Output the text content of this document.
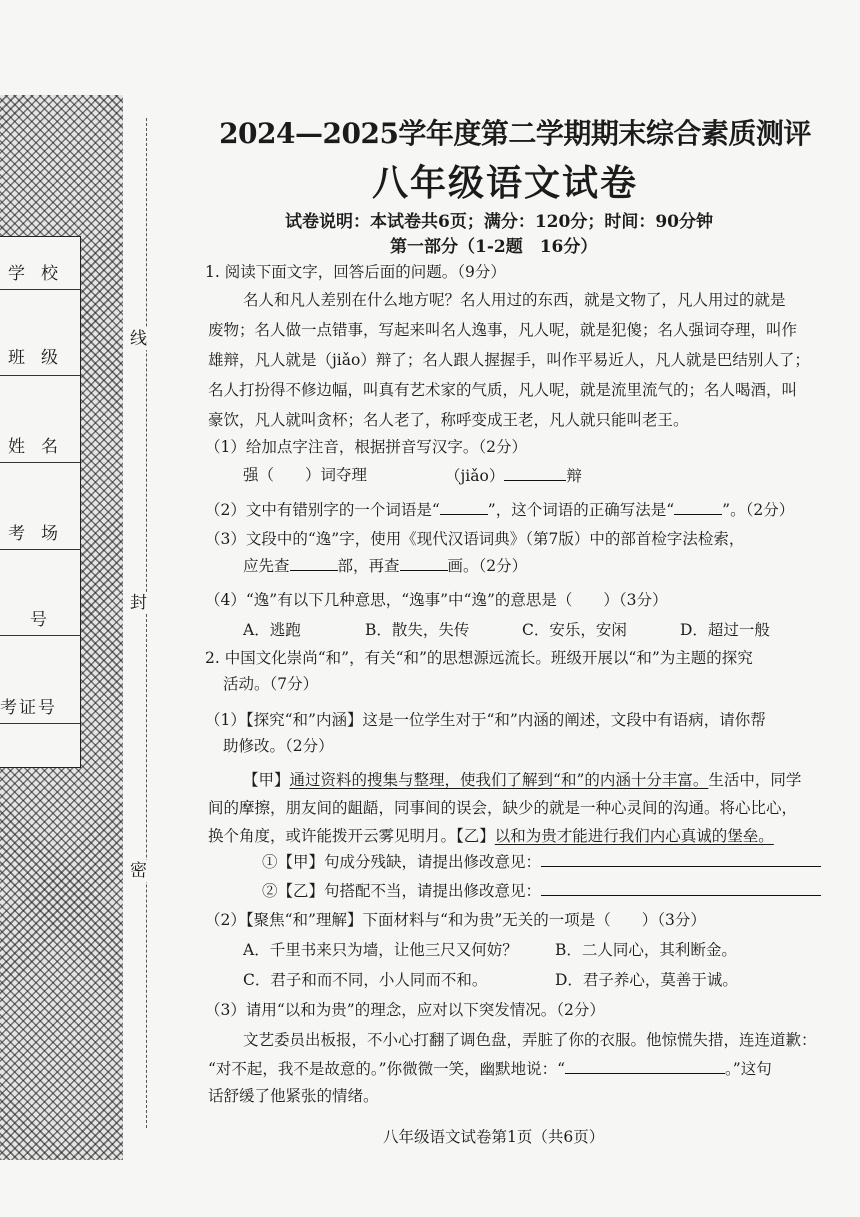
学校
班级
姓名
考场
号
考证号
线
封
密
2024—2025学年度第二学期期末综合素质测评
八年级语文试卷
试卷说明：本试卷共6页；满分：120分；时间：90分钟
第一部分（1-2题　16分）
1. 阅读下面文字，回答后面的问题。（9分）
名人和凡人差别在什么地方呢？名人用过的东西，就是文物了，凡人用过的就是
废物；名人做一点错事，写起来叫名人逸事，凡人呢，就是犯傻；名人强词夺理，叫作
雄辩，凡人就是（jiǎo）辩了；名人跟人握握手，叫作平易近人，凡人就是巴结别人了；
名人打扮得不修边幅，叫真有艺术家的气质，凡人呢，就是流里流气的；名人喝酒，叫
豪饮，凡人就叫贪杯；名人老了，称呼变成王老，凡人就只能叫老王。
（1）给加点字注音，根据拼音写汉字。（2分）
强（　　）词夺理	（jiǎo）	辩
（2）文中有错别字的一个词语是“	”，这个词语的正确写法是“	”。（2分）
（3）文段中的“逸”字，使用《现代汉语词典》（第7版）中的部首检字法检索，
应先查	部，再查	画。（2分）
（4）“逸”有以下几种意思，“逸事”中“逸”的意思是（　　）（3分）
A．逃跑	B．散失，失传	C．安乐，安闲	D．超过一般
2. 中国文化崇尚“和”，有关“和”的思想源远流长。班级开展以“和”为主题的探究
活动。（7分）
（1）【探究“和”内涵】这是一位学生对于“和”内涵的阐述，文段中有语病，请你帮
助修改。（2分）
【甲】通过资料的搜集与整理，使我们了解到“和”的内涵十分丰富。生活中，同学
间的摩擦，朋友间的龃龉，同事间的误会，缺少的就是一种心灵间的沟通。将心比心，
换个角度，或许能拨开云雾见明月。【乙】以和为贵才能进行我们内心真诚的堡垒。
①【甲】句成分残缺，请提出修改意见：
②【乙】句搭配不当，请提出修改意见：
（2）【聚焦“和”理解】下面材料与“和为贵”无关的一项是（　　）（3分）
A．千里书来只为墙，让他三尺又何妨？ B．二人同心，其利断金。
C．君子和而不同，小人同而不和。	D．君子养心，莫善于诚。
（3）请用“以和为贵”的理念，应对以下突发情况。（2分）
文艺委员出板报，不小心打翻了调色盘，弄脏了你的衣服。他惊慌失措，连连道歉：
“对不起，我不是故意的。”你微微一笑，幽默地说：“	。”这句
话舒缓了他紧张的情绪。
八年级语文试卷第1页（共6页）
